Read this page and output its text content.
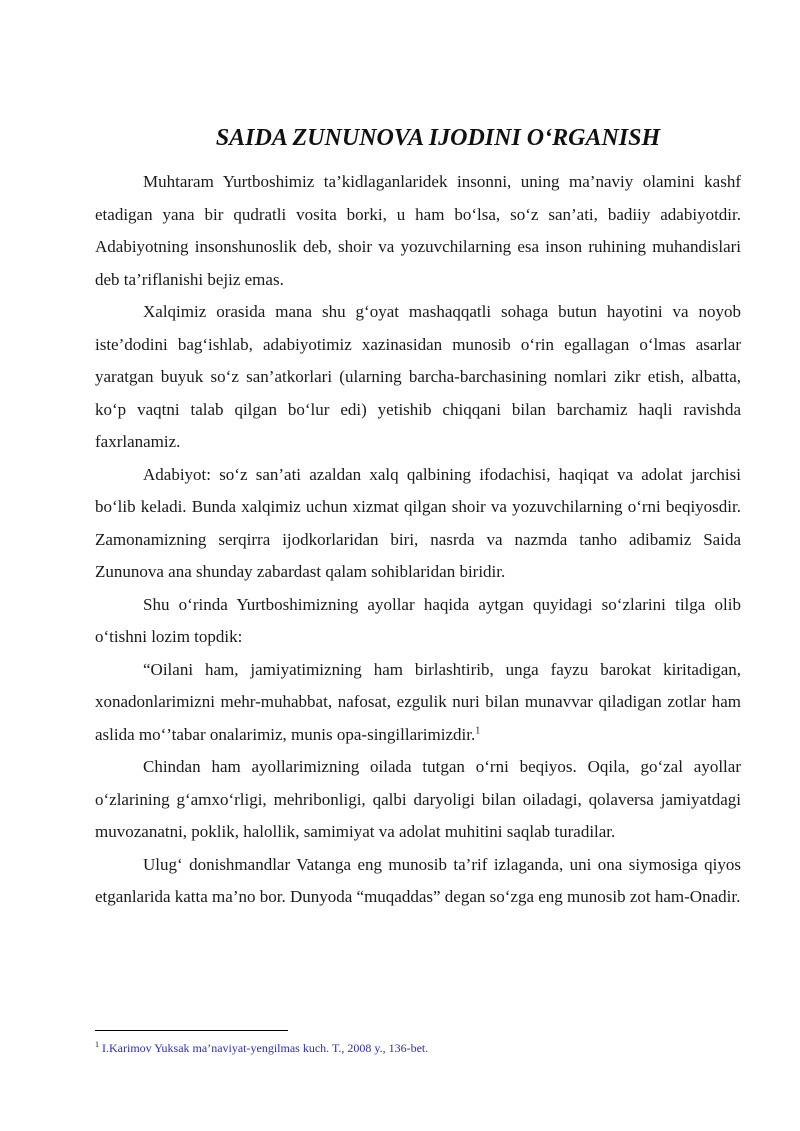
SAIDA ZUNUNOVA IJODINI O‘RGANISH

Muhtaram Yurtboshimiz ta’kidlaganlaridek insonni, uning ma’naviy olamini kashf etadigan yana bir qudratli vosita borki, u ham bo‘lsa, so‘z san’ati, badiiy adabiyotdir. Adabiyotning insonshunoslik deb, shoir va yozuvchilarning esa inson ruhining muhandislari deb ta’riflanishi bejiz emas.

Xalqimiz orasida mana shu g‘oyat mashaqqatli sohaga butun hayotini va noyob iste’dodini bag‘ishlab, adabiyotimiz xazinasidan munosib o‘rin egallagan o‘lmas asarlar yaratgan buyuk so‘z san’atkorlari (ularning barcha-barchasining nomlari zikr etish, albatta, ko‘p vaqtni talab qilgan bo‘lur edi) yetishib chiqqani bilan barchamiz haqli ravishda faxrlanamiz.

Adabiyot: so‘z san’ati azaldan xalq qalbining ifodachisi, haqiqat va adolat jarchisi bo‘lib keladi. Bunda xalqimiz uchun xizmat qilgan shoir va yozuvchilarning o‘rni beqiyosdir. Zamonamizning serqirra ijodkorlaridan biri, nasrda va nazmda tanho adibamiz Saida Zununova ana shunday zabardast qalam sohiblaridan biridir.

Shu o‘rinda Yurtboshimizning ayollar haqida aytgan quyidagi so‘zlarini tilga olib o‘tishni lozim topdik:

“Oilani ham, jamiyatimizning ham birlashtirib, unga fayzu barokat kiritadigan, xonadonlarimizni mehr-muhabbat, nafosat, ezgulik nuri bilan munavvar qiladigan zotlar ham aslida mo‘’tabar onalarimiz, munis opa-singillarimizdir.$^1$

Chindan ham ayollarimizning oilada tutgan o‘rni beqiyos. Oqila, go‘zal ayollar o‘zlarining g‘amxo‘rligi, mehribonligi, qalbi daryoligi bilan oiladagi, qolaversa jamiyatdagi muvozanatni, poklik, halollik, samimiyat va adolat muhitini saqlab turadilar.

Ulug‘ donishmandlar Vatanga eng munosib ta’rif izlaganda, uni ona siymosiga qiyos etganlarida katta ma’no bor. Dunyoda “muqaddas” degan so‘zga eng munosib zot ham-Onadir.

$^1$ I.Karimov Yuksak ma’naviyat-yengilmas kuch. T., 2008 y., 136-bet.
